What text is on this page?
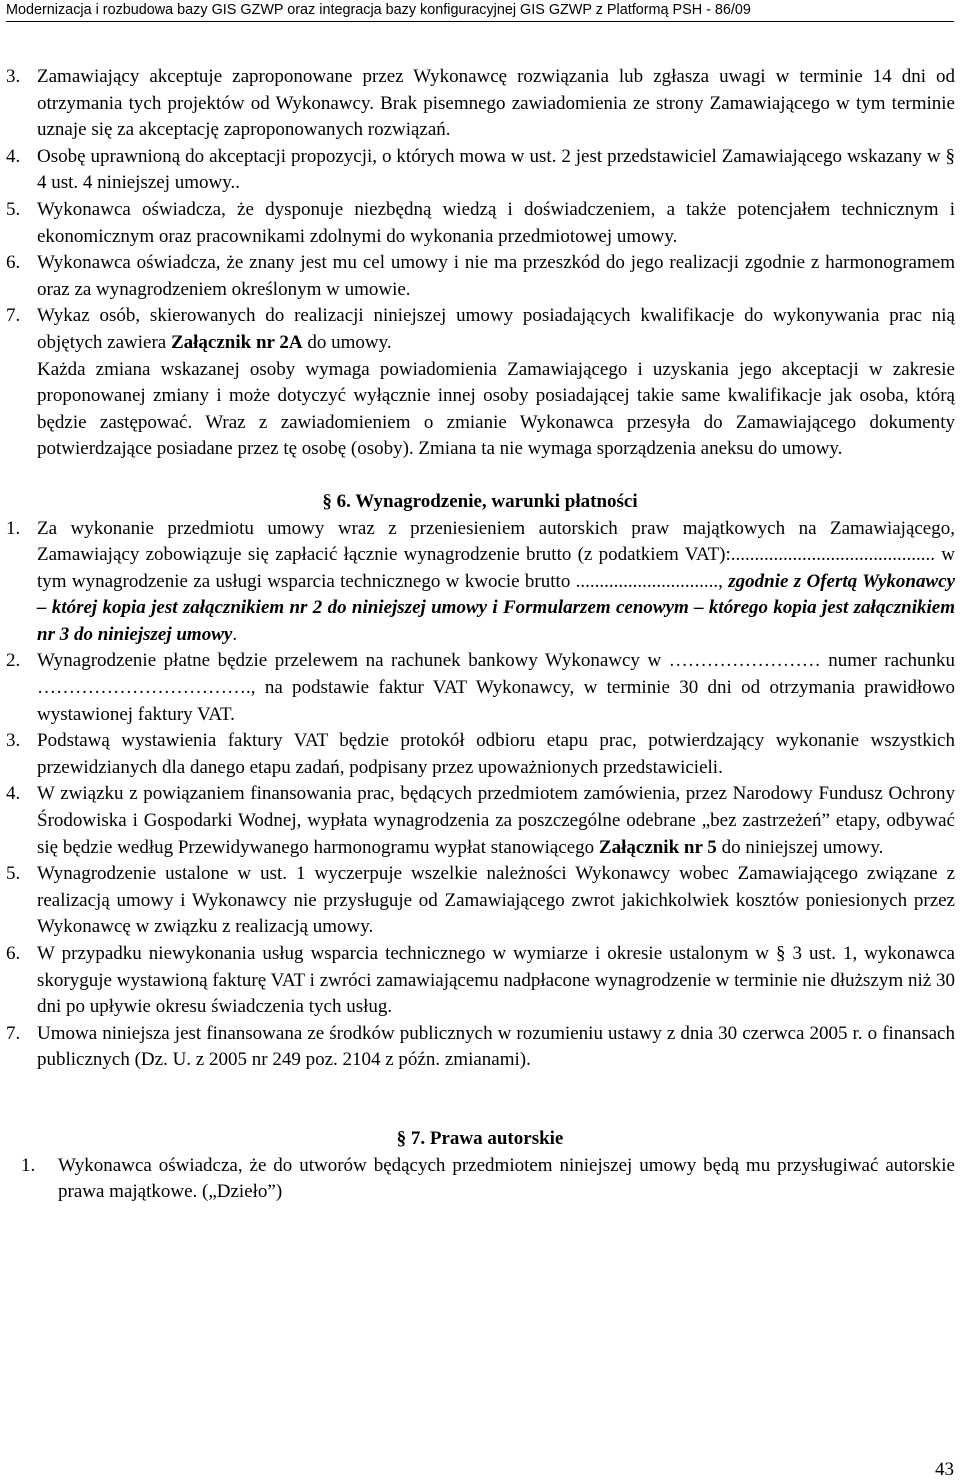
Modernizacja i rozbudowa bazy GIS GZWP oraz integracja bazy konfiguracyjnej GIS GZWP z Platformą PSH - 86/09
3. Zamawiający akceptuje zaproponowane przez Wykonawcę rozwiązania lub zgłasza uwagi w terminie 14 dni od otrzymania tych projektów od Wykonawcy. Brak pisemnego zawiadomienia ze strony Zamawiającego w tym terminie uznaje się za akceptację zaproponowanych rozwiązań.
4. Osobę uprawnioną do akceptacji propozycji, o których mowa w ust. 2 jest przedstawiciel Zamawiającego wskazany w § 4 ust. 4 niniejszej umowy..
5. Wykonawca oświadcza, że dysponuje niezbędną wiedzą i doświadczeniem, a także potencjałem technicznym i ekonomicznym oraz pracownikami zdolnymi do wykonania przedmiotowej umowy.
6. Wykonawca oświadcza, że znany jest mu cel umowy i nie ma przeszkód do jego realizacji zgodnie z harmonogramem oraz za wynagrodzeniem określonym w umowie.
7. Wykaz osób, skierowanych do realizacji niniejszej umowy posiadających kwalifikacje do wykonywania prac nią objętych zawiera Załącznik nr 2A do umowy.
Każda zmiana wskazanej osoby wymaga powiadomienia Zamawiającego i uzyskania jego akceptacji w zakresie proponowanej zmiany i może dotyczyć wyłącznie innej osoby posiadającej takie same kwalifikacje jak osoba, którą będzie zastępować. Wraz z zawiadomieniem o zmianie Wykonawca przesyła do Zamawiającego dokumenty potwierdzające posiadane przez tę osobę (osoby). Zmiana ta nie wymaga sporządzenia aneksu do umowy.
§ 6. Wynagrodzenie, warunki płatności
1. Za wykonanie przedmiotu umowy wraz z przeniesieniem autorskich praw majątkowych na Zamawiającego, Zamawiający zobowiązuje się zapłacić łącznie wynagrodzenie brutto (z podatkiem VAT):........................................... w tym wynagrodzenie za usługi wsparcia technicznego w kwocie brutto .............................., zgodnie z Ofertą Wykonawcy – której kopia jest załącznikiem nr 2 do niniejszej umowy i Formularzem cenowym – którego kopia jest załącznikiem nr 3 do niniejszej umowy.
2. Wynagrodzenie płatne będzie przelewem na rachunek bankowy Wykonawcy w …………………… numer rachunku ……………………………., na podstawie faktur VAT Wykonawcy, w terminie 30 dni od otrzymania prawidłowo wystawionej faktury VAT.
3. Podstawą wystawienia faktury VAT będzie protokół odbioru etapu prac, potwierdzający wykonanie wszystkich przewidzianych dla danego etapu zadań, podpisany przez upoważnionych przedstawicieli.
4. W związku z powiązaniem finansowania prac, będących przedmiotem zamówienia, przez Narodowy Fundusz Ochrony Środowiska i Gospodarki Wodnej, wypłata wynagrodzenia za poszczególne odebrane „bez zastrzeżeń” etapy, odbywać się będzie według Przewidywanego harmonogramu wypłat stanowiącego Załącznik nr 5 do niniejszej umowy.
5. Wynagrodzenie ustalone w ust. 1 wyczerpuje wszelkie należności Wykonawcy wobec Zamawiającego związane z realizacją umowy i Wykonawcy nie przysługuje od Zamawiającego zwrot jakichkolwiek kosztów poniesionych przez Wykonawcę w związku z realizacją umowy.
6. W przypadku niewykonania usług wsparcia technicznego w wymiarze i okresie ustalonym w § 3 ust. 1, wykonawca skoryguje wystawioną fakturę VAT i zwróci zamawiającemu nadpłacone wynagrodzenie w terminie nie dłuższym niż 30 dni po upływie okresu świadczenia tych usług.
7. Umowa niniejsza jest finansowana ze środków publicznych w rozumieniu ustawy z dnia 30 czerwca 2005 r. o finansach publicznych (Dz. U. z 2005 nr 249 poz. 2104 z późn. zmianami).
§ 7. Prawa autorskie
1. Wykonawca oświadcza, że do utworów będących przedmiotem niniejszej umowy będą mu przysługiwać autorskie prawa majątkowe. („Dzieło”)
43
